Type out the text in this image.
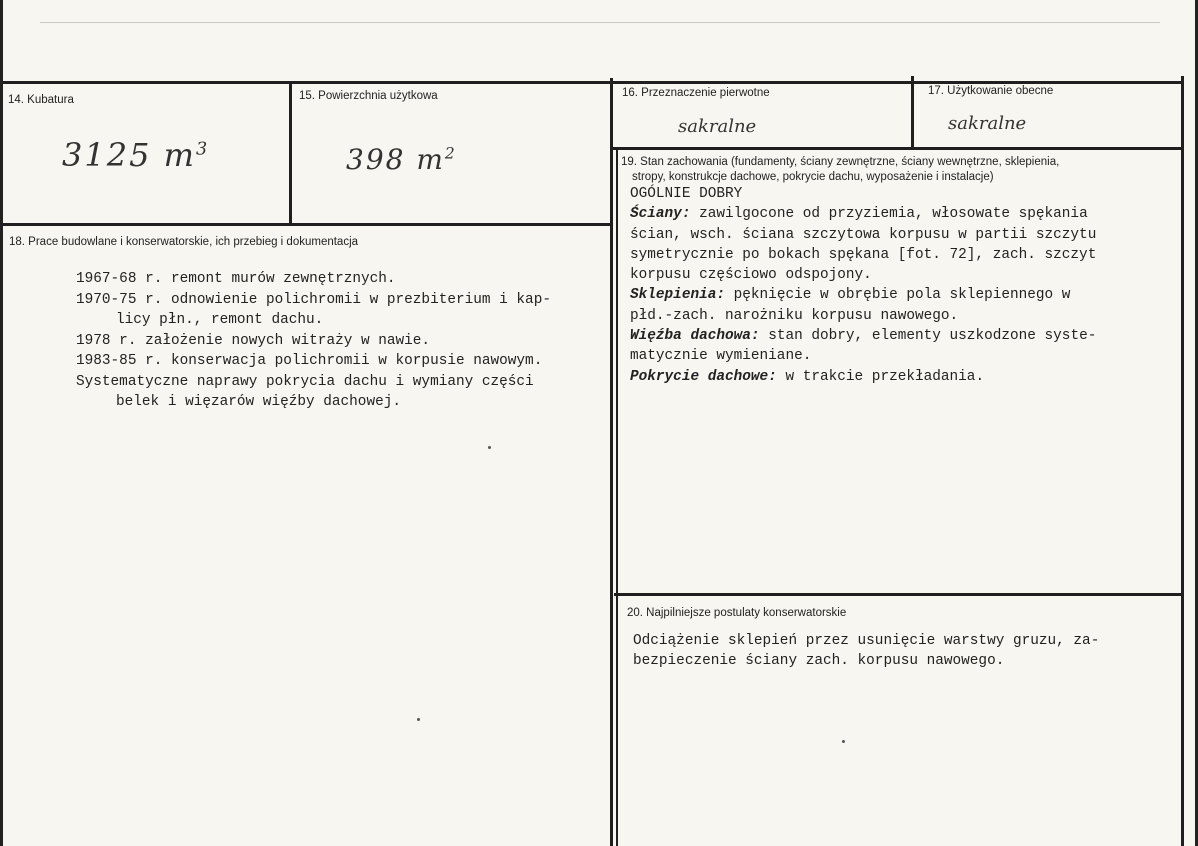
14. Kubatura
3125 $m^3$
15. Powierzchnia użytkowa
398 $m^2$
16. Przeznaczenie pierwotne
sakralne
17. Użytkowanie obecne
sakralne
18. Prace budowlane i konserwatorskie, ich przebieg i dokumentacja
1967-68 r. remont murów zewnętrznych.
1970-75 r. odnowienie polichromii w prezbiterium i kap-
licy płn., remont dachu.
1978 r. założenie nowych witraży w nawie.
1983-85 r. konserwacja polichromii w korpusie nawowym.
Systematyczne naprawy pokrycia dachu i wymiany części
belek i więzarów więźby dachowej.
19. Stan zachowania (fundamenty, ściany zewnętrzne, ściany wewnętrzne, sklepienia,
stropy, konstrukcje dachowe, pokrycie dachu, wyposażenie i instalacje)
OGÓLNIE DOBRY
Ściany: zawilgocone od przyziemia, włosowate spękania
ścian, wsch. ściana szczytowa korpusu w partii szczytu
symetrycznie po bokach spękana [fot. 72], zach. szczyt
korpusu częściowo odspojony.
Sklepienia: pęknięcie w obrębie pola sklepiennego w
płd.-zach. narożniku korpusu nawowego.
Więźba dachowa: stan dobry, elementy uszkodzone syste-
matycznie wymieniane.
Pokrycie dachowe: w trakcie przekładania.
20. Najpilniejsze postulaty konserwatorskie
Odciążenie sklepień przez usunięcie warstwy gruzu, za-
bezpieczenie ściany zach. korpusu nawowego.
